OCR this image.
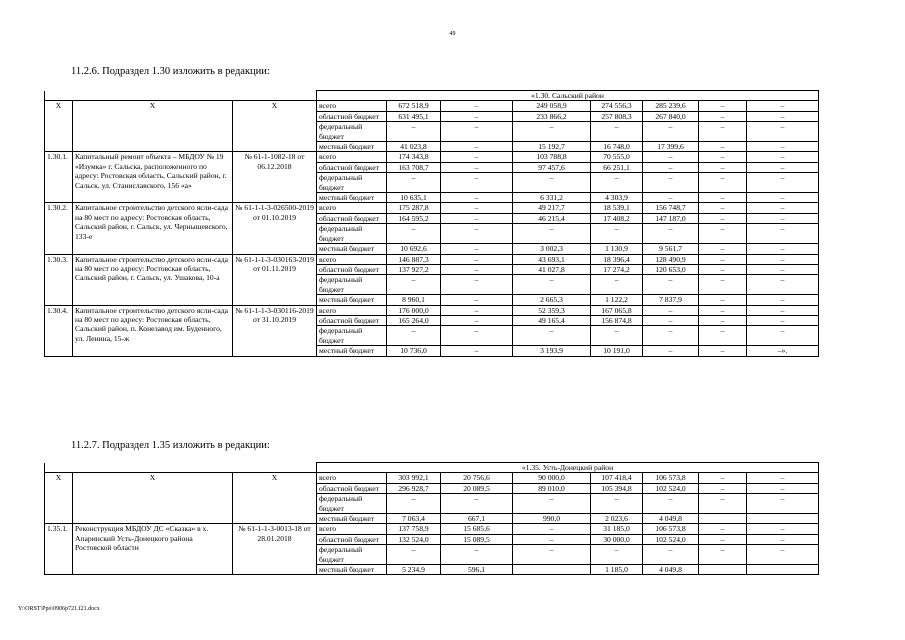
49
11.2.6. Подраздел 1.30 изложить в редакции:
			«1.30. Сальский район							
X	X	X	всего	672 518,9	–	249 058,9	274 556,3	285 239,6	–	–
			областной бюджет	631 495,1	–	233 866,2	257 808,3	267 840,0	–	–
			федеральный бюджет	–	–	–	–	–	–	–
			местный бюджет	41 023,8	–	15 192,7	16 748,0	17 399,6	–	–
1.30.1.	Капитальный ремонт объекта – МБДОУ № 19 «Изумка» г. Сальска, расположенного по адресу: Ростовская область, Сальский район, г. Сальск, ул. Станиславского, 156 «а»	№ 61-1-1082-18 от 06.12.2018	всего	174 343,8	–	103 788,8	70 555,0	–	–	–
			областной бюджет	163 708,7	–	97 457,6	66 251,1	–	–	–
			федеральный бюджет	–	–	–	–	–	–	–
			местный бюджет	10 635,1	–	6 331,2	4 303,9	–	–	–
1.30.2.	Капитальное строительство детского ясли-сада на 80 мест по адресу: Ростовская область, Сальский район, г. Сальск, ул. Чернышевского, 133-е	№ 61-1-1-3-026500-2019 от 01.10.2019	всего	175 287,8	–	49 217,7	18 539,1	156 748,7	–	–
			областной бюджет	164 595,2	–	46 215,4	17 408,2	147 187,0	–	–
			федеральный бюджет	–	–	–	–	–	–	–
			местный бюджет	10 692,6	–	3 002,3	1 130,9	9 561,7	–	–
1.30.3.	Капитальное строительство детского ясли-сада на 80 мест по адресу: Ростовская область, Сальский район, г. Сальск, ул. Ушакова, 10-а	№ 61-1-1-3-030163-2019 от 01.11.2019	всего	146 887,3	–	43 693,1	18 396,4	128 490,9	–	–
			областной бюджет	137 927,2	–	41 027,8	17 274,2	120 653,0	–	–
			федеральный бюджет	–	–	–	–	–	–	–
			местный бюджет	8 960,1	–	2 665,3	1 122,2	7 837,9	–	–
1.30.4.	Капитальное строительство детского ясли-сада на 80 мест по адресу: Ростовская область, Сальский район, п. Конезавод им. Буденного, ул. Ленина, 15-ж	№ 61-1-1-3-030116-2019 от 31.10.2019	всего	176 000,0	–	52 359,3	167 065,8	–	–	–
			областной бюджет	165 264,0	–	49 165,4	156 874,8	–	–	–
			федеральный бюджет	–	–	–	–	–	–	–
			местный бюджет	10 736,0	–	3 193,9	10 191,0	–	–	–».
11.2.7. Подраздел 1.35 изложить в редакции:
			«1.35. Усть-Донецкий район							
X	X	X	всего	303 992,1	20 756,6	90 000,0	107 418,4	106 573,8	–	–
			областной бюджет	296 928,7	20 089,5	89 010,0	105 394,8	102 524,0	–	–
			федеральный бюджет	–	–	–	–	–	–	–
			местный бюджет	7 063,4	667,1	990,0	2 023,6	4 049,8		
1.35.1.	Реконструкция МБДОУ ДС «Сказка» в х. Апаринский Усть-Донецкого района Ростовской области	№ 61-1-1-3-0013-18 от 28.01.2018	всего	137 758,9	15 685,6	–	31 185,0	106 573,8	–	–
			областной бюджет	132 524,0	15 089,5	–	30 000,0	102 524,0	–	–
			федеральный бюджет	–	–	–	–	–	–	–
			местный бюджет	5 234,9	596,1		1 185,0	4 049,8		
Y:\ORST\Ppo\0906p721.f21.docx
